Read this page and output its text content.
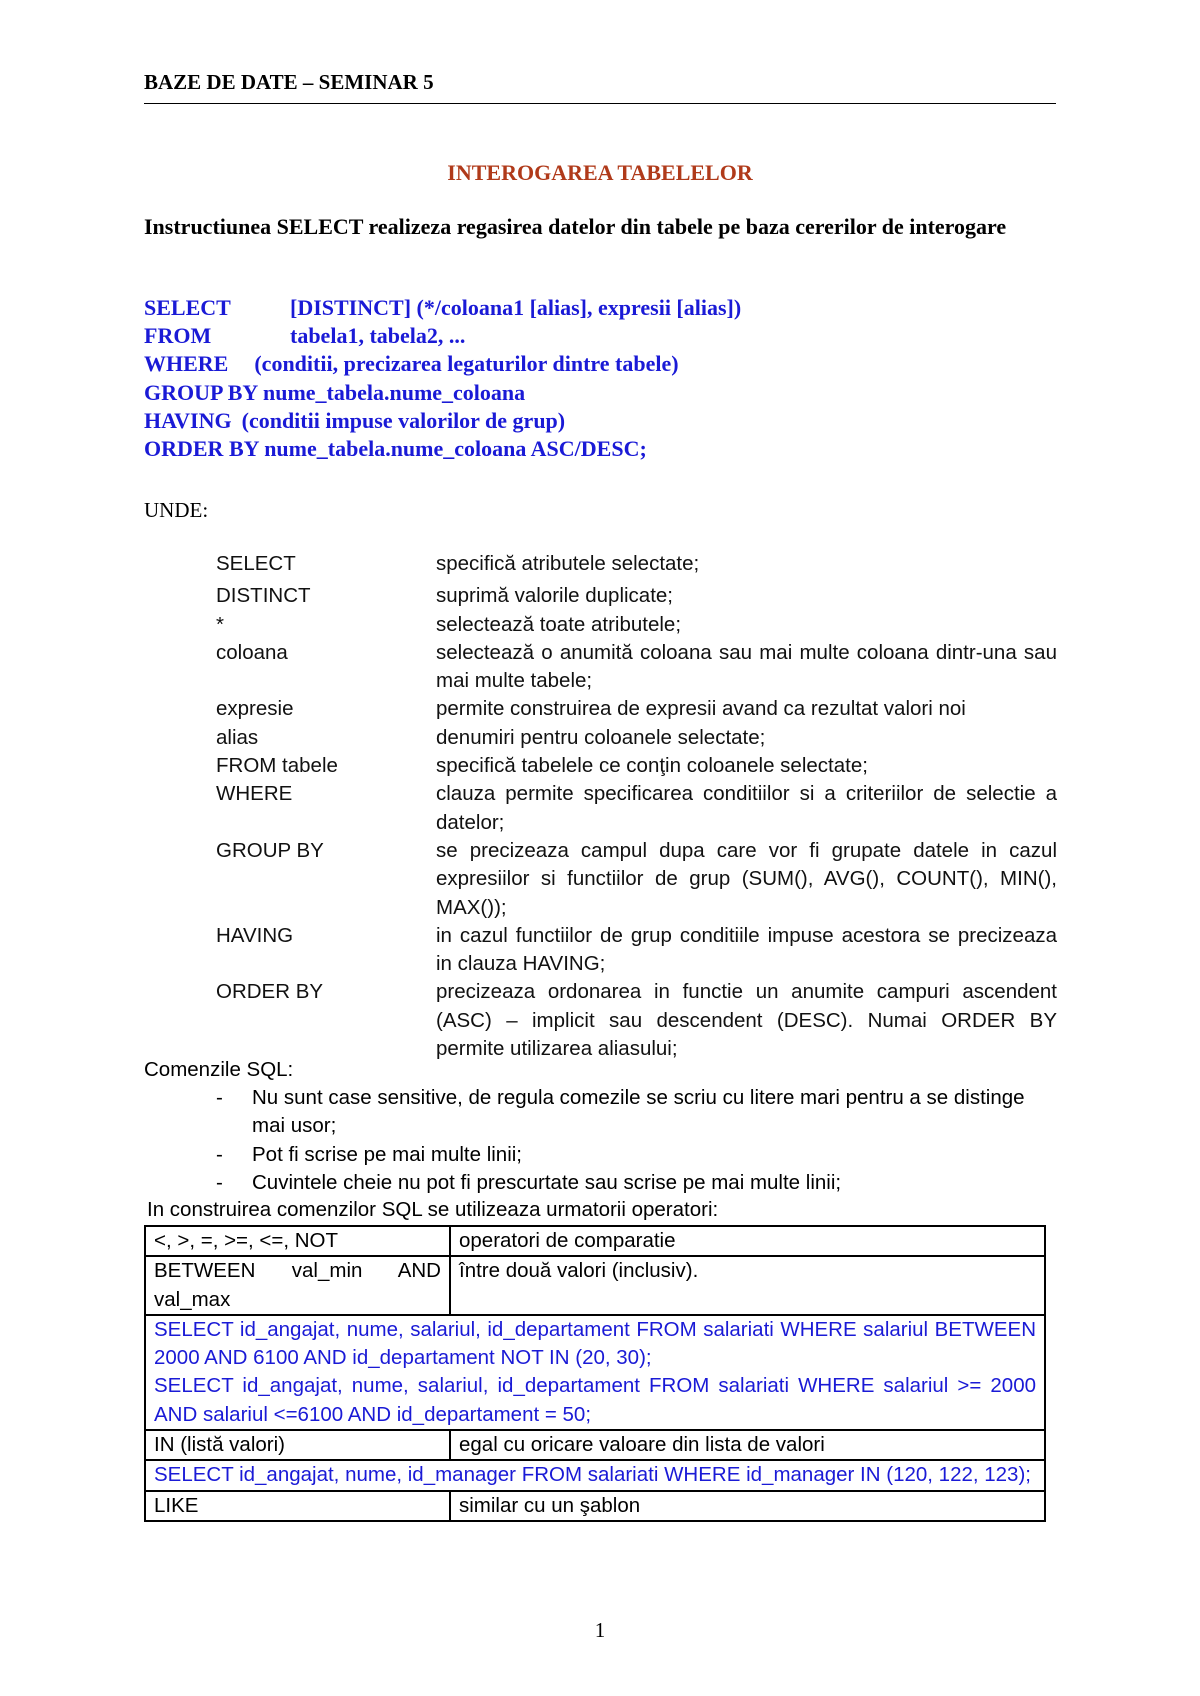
BAZE DE DATE – SEMINAR 5
INTEROGAREA TABELELOR
Instructiunea SELECT realizeza regasirea datelor din tabele pe baza cererilor de interogare
SELECT	[DISTINCT] (*/coloana1 [alias], expresii [alias])
FROM	tabela1, tabela2, ...
WHERE (conditii, precizarea legaturilor dintre tabele)
GROUP BY nume_tabela.nume_coloana
HAVING (conditii impuse valorilor de grup)
ORDER BY nume_tabela.nume_coloana ASC/DESC;
UNDE:
SELECT	specifică atributele selectate;
DISTINCT	suprimă valorile duplicate;
*	selectează toate atributele;
coloana	selectează o anumită coloana sau mai multe coloana dintr-una sau mai multe tabele;
expresie	permite construirea de expresii avand ca rezultat valori noi
alias	denumiri pentru coloanele selectate;
FROM tabele	specifică tabelele ce conţin coloanele selectate;
WHERE	clauza permite specificarea conditiilor si a criteriilor de selectie a datelor;
GROUP BY	se precizeaza campul dupa care vor fi grupate datele in cazul expresiilor si functiilor de grup (SUM(), AVG(), COUNT(), MIN(), MAX());
HAVING	in cazul functiilor de grup conditiile impuse acestora se precizeaza in clauza HAVING;
ORDER BY	precizeaza ordonarea in functie un anumite campuri ascendent (ASC) – implicit sau descendent (DESC). Numai ORDER BY permite utilizarea aliasului;
Comenzile SQL:
- Nu sunt case sensitive, de regula comezile se scriu cu litere mari pentru a se distinge mai usor;
- Pot fi scrise pe mai multe linii;
- Cuvintele cheie nu pot fi prescurtate sau scrise pe mai multe linii;
In construirea comenzilor SQL se utilizeaza urmatorii operatori:
<, >, =, >=, <=, NOT	operatori de comparatie
BETWEEN val_min AND val_max	între două valori (inclusiv).

SELECT id_angajat, nume, salariul, id_departament FROM salariati WHERE salariul BETWEEN 2000 AND 6100 AND id_departament NOT IN (20, 30);
SELECT id_angajat, nume, salariul, id_departament FROM salariati WHERE salariul >= 2000 AND salariul <=6100 AND id_departament = 50;	

IN (listă valori)	egal cu oricare valoare din lista de valori
SELECT id_angajat, nume, id_manager FROM salariati WHERE id_manager IN (120, 122, 123);	
LIKE	similar cu un şablon
1
